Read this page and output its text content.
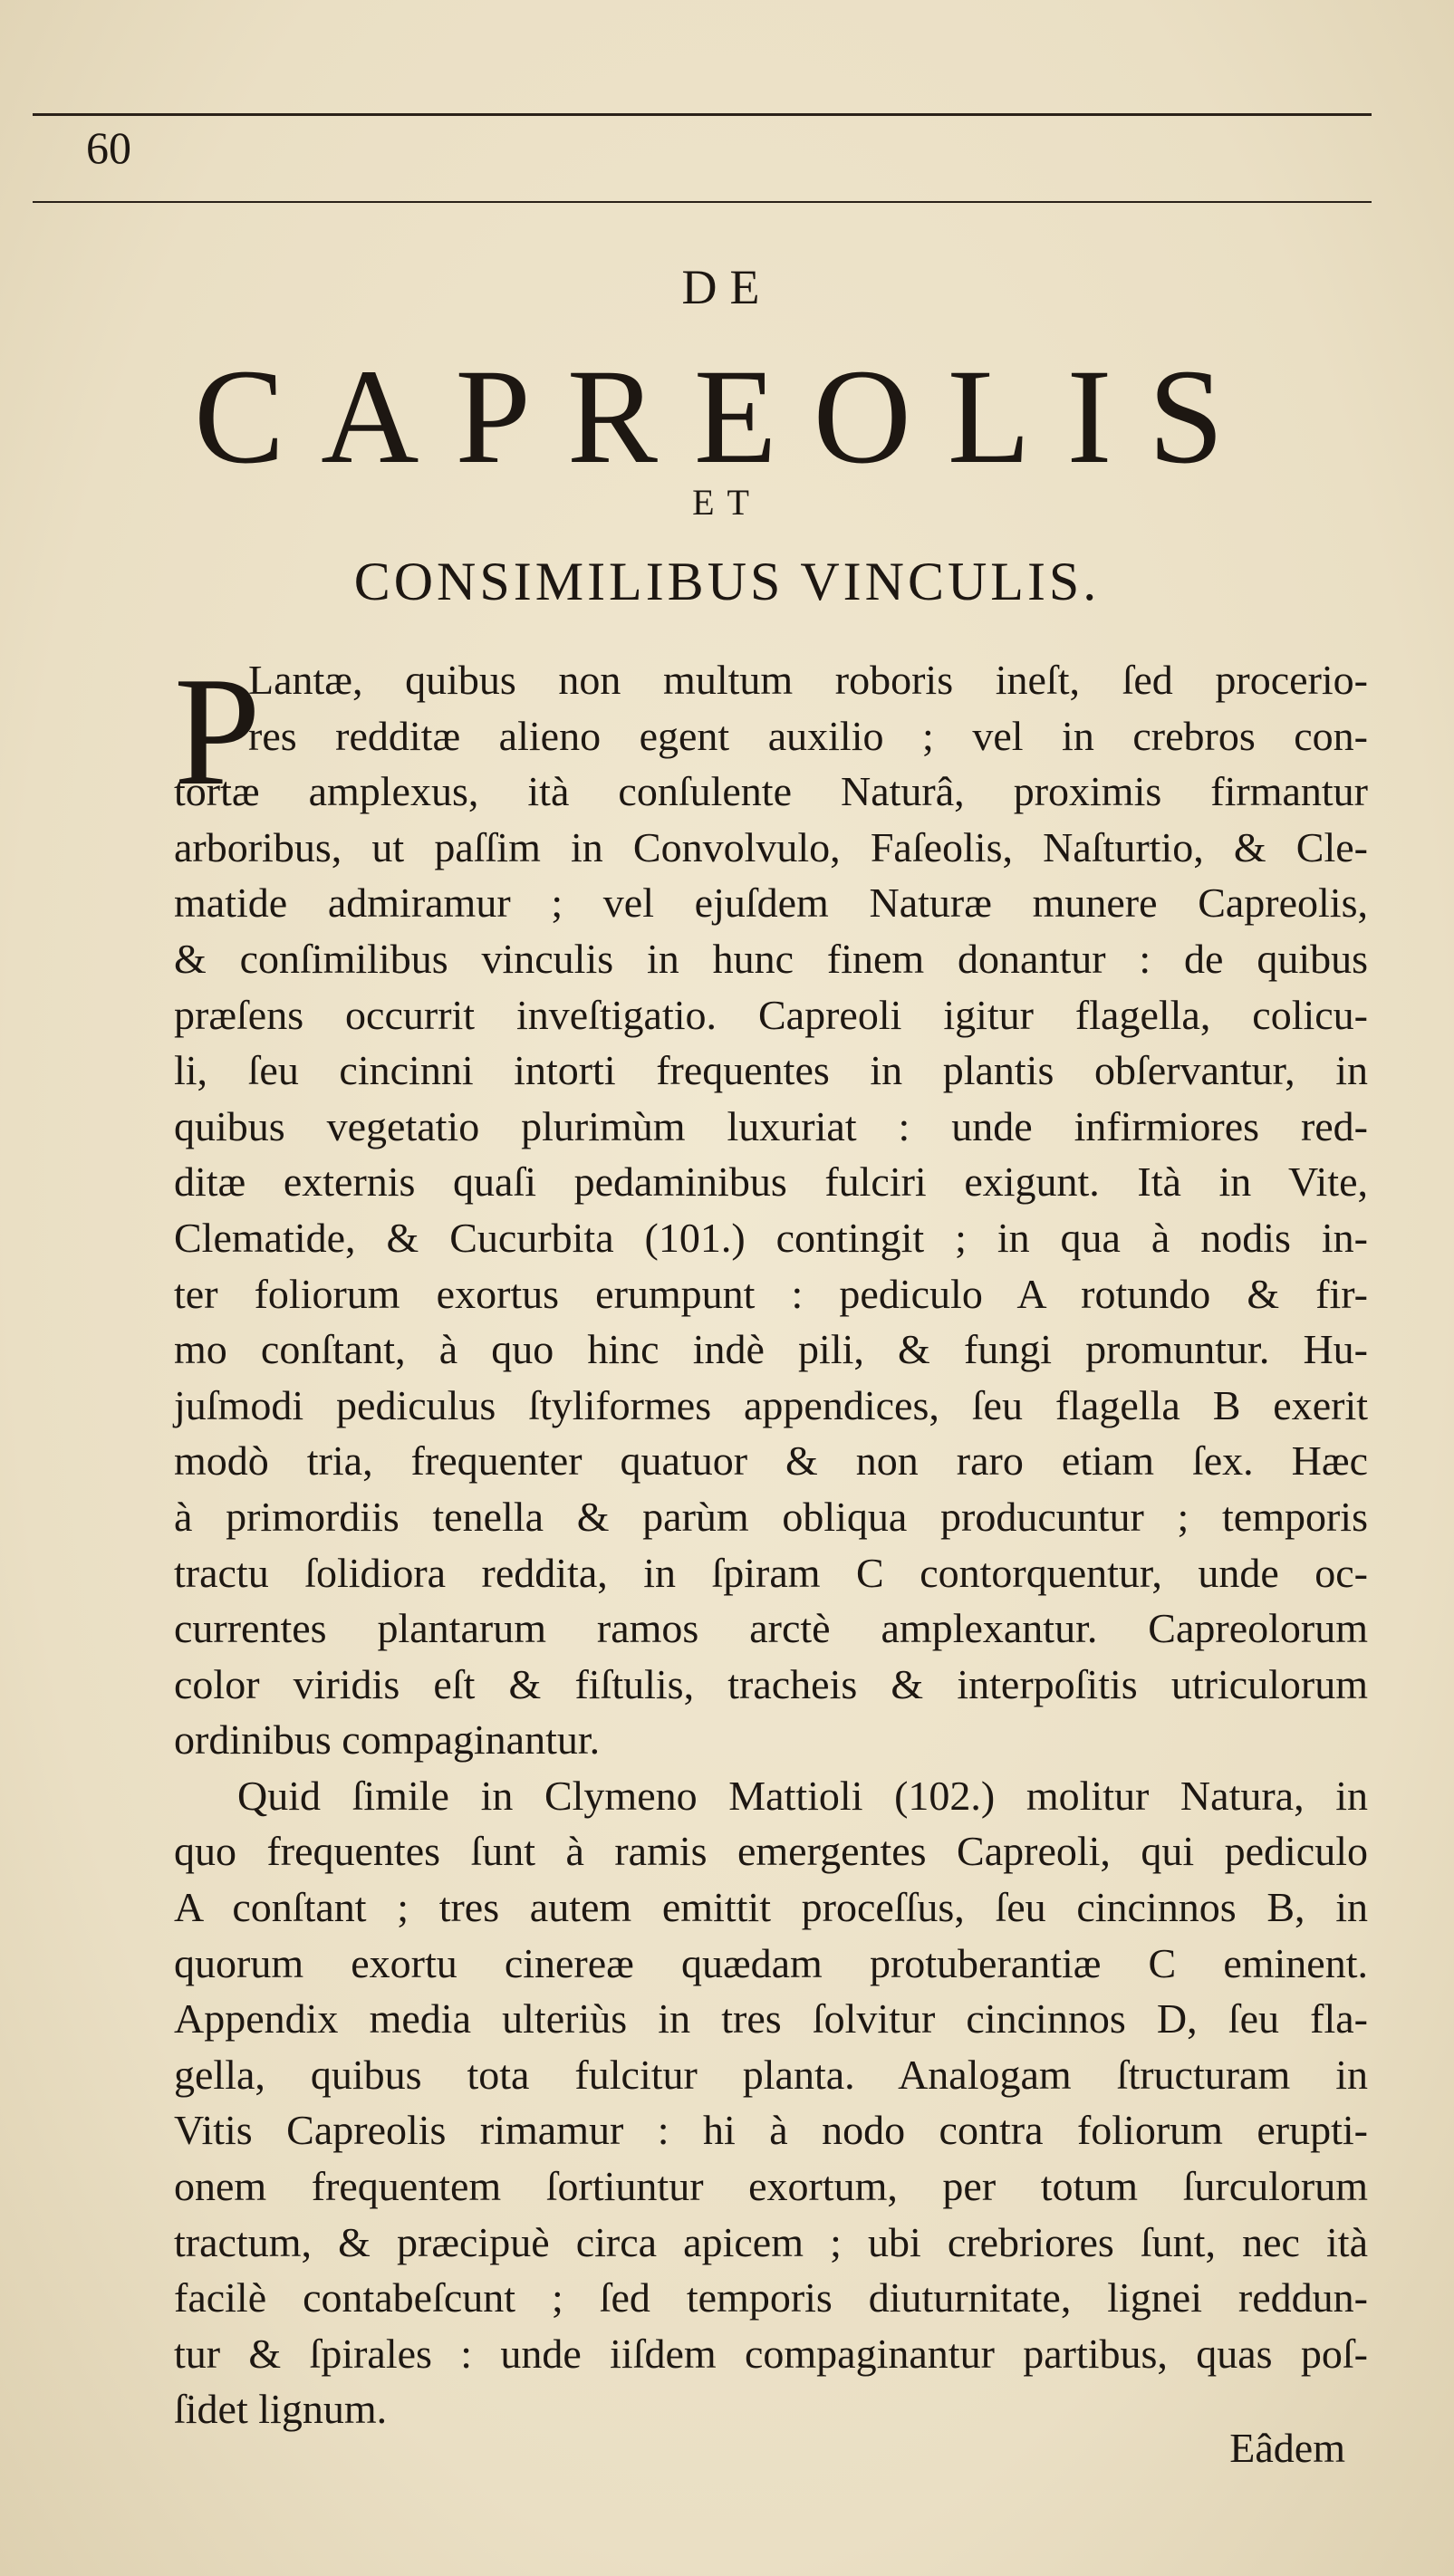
60
DE
CAPREOLIS
ET
CONSIMILIBUS VINCULIS.
P
Lantæ, quibus non multum roboris ineſt, ſed procerio-
res redditæ alieno egent auxilio ; vel in crebros con-
tortæ amplexus, ità conſulente Naturâ, proximis firmantur
arboribus, ut paſſim in Convolvulo, Faſeolis, Naſturtio, & Cle-
matide admiramur ; vel ejuſdem Naturæ munere Capreolis,
& conſimilibus vinculis in hunc finem donantur : de quibus
præſens occurrit inveſtigatio. Capreoli igitur flagella, colicu-
li, ſeu cincinni intorti frequentes in plantis obſervantur, in
quibus vegetatio plurimùm luxuriat : unde infirmiores red-
ditæ externis quaſi pedaminibus fulciri exigunt. Ità in Vite,
Clematide, & Cucurbita (101.) contingit ; in qua à nodis in-
ter foliorum exortus erumpunt : pediculo A rotundo & fir-
mo conſtant, à quo hinc indè pili, & fungi promuntur. Hu-
juſmodi pediculus ſtyliformes appendices, ſeu flagella B exerit
modò tria, frequenter quatuor & non raro etiam ſex. Hæc
à primordiis tenella & parùm obliqua producuntur ; temporis
tractu ſolidiora reddita, in ſpiram C contorquentur, unde oc-
currentes plantarum ramos arctè amplexantur. Capreolorum
color viridis eſt & fiſtulis, tracheis & interpoſitis utriculorum
ordinibus compaginantur.
Quid ſimile in Clymeno Mattioli (102.) molitur Natura, in
quo frequentes ſunt à ramis emergentes Capreoli, qui pediculo
A conſtant ; tres autem emittit proceſſus, ſeu cincinnos B, in
quorum exortu cinereæ quædam protuberantiæ C eminent.
Appendix media ulteriùs in tres ſolvitur cincinnos D, ſeu fla-
gella, quibus tota fulcitur planta. Analogam ſtructuram in
Vitis Capreolis rimamur : hi à nodo contra foliorum erupti-
onem frequentem ſortiuntur exortum, per totum ſurculorum
tractum, & præcipuè circa apicem ; ubi crebriores ſunt, nec ità
facilè contabeſcunt ; ſed temporis diuturnitate, lignei reddun-
tur & ſpirales : unde iiſdem compaginantur partibus, quas poſ-
ſidet lignum.
Eâdem
